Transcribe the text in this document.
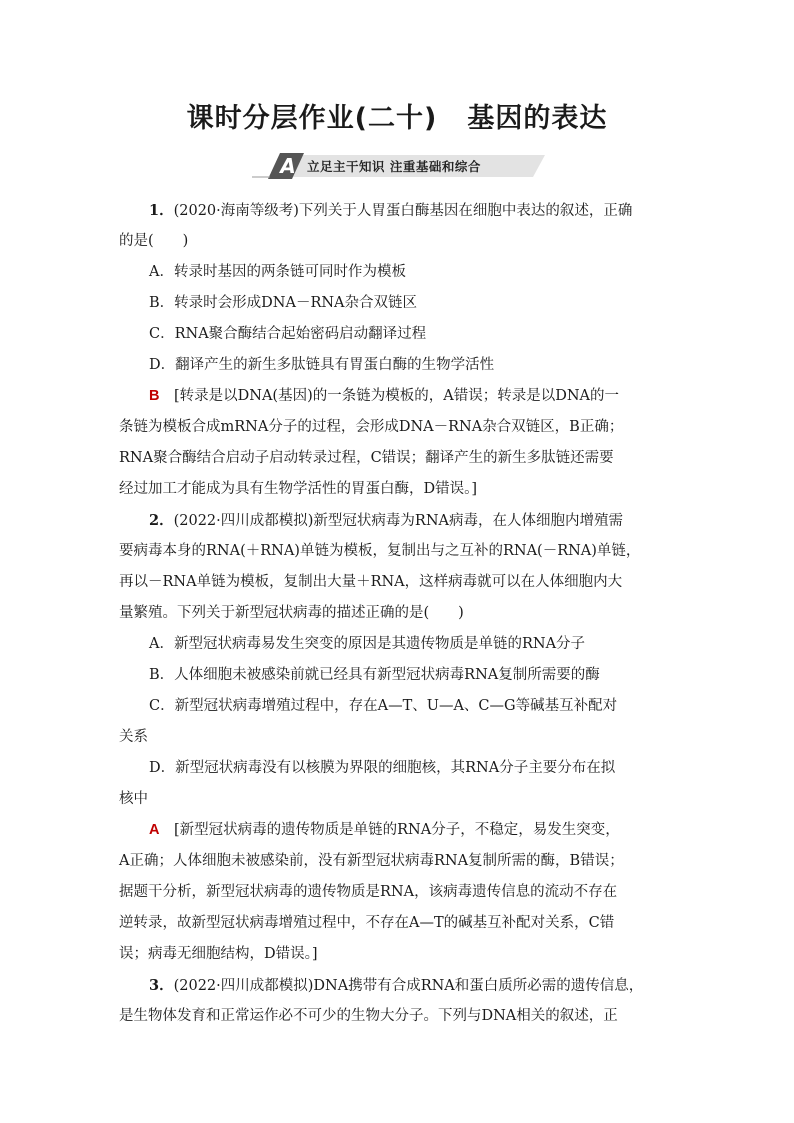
课时分层作业(二十) 基因的表达
A 立足主干知识 注重基础和综合
1．(2020·海南等级考)下列关于人胃蛋白酶基因在细胞中表达的叙述，正确
的是(　　)
A．转录时基因的两条链可同时作为模板
B．转录时会形成DNA－RNA杂合双链区
C．RNA聚合酶结合起始密码启动翻译过程
D．翻译产生的新生多肽链具有胃蛋白酶的生物学活性
B　 [转录是以DNA(基因)的一条链为模板的，A错误；转录是以DNA的一
条链为模板合成mRNA分子的过程，会形成DNA－RNA杂合双链区，B正确；
RNA聚合酶结合启动子启动转录过程，C错误；翻译产生的新生多肽链还需要
经过加工才能成为具有生物学活性的胃蛋白酶，D错误。]
2．(2022·四川成都模拟)新型冠状病毒为RNA病毒，在人体细胞内增殖需
要病毒本身的RNA(＋RNA)单链为模板，复制出与之互补的RNA(－RNA)单链，
再以－RNA单链为模板，复制出大量＋RNA，这样病毒就可以在人体细胞内大
量繁殖。下列关于新型冠状病毒的描述正确的是(　　)
A．新型冠状病毒易发生突变的原因是其遗传物质是单链的RNA分子
B．人体细胞未被感染前就已经具有新型冠状病毒RNA复制所需要的酶
C．新型冠状病毒增殖过程中，存在A—T、U—A、C—G等碱基互补配对
关系
D．新型冠状病毒没有以核膜为界限的细胞核，其RNA分子主要分布在拟
核中
A　 [新型冠状病毒的遗传物质是单链的RNA分子，不稳定，易发生突变，
A正确；人体细胞未被感染前，没有新型冠状病毒RNA复制所需的酶，B错误；
据题干分析，新型冠状病毒的遗传物质是RNA，该病毒遗传信息的流动不存在
逆转录，故新型冠状病毒增殖过程中，不存在A—T的碱基互补配对关系，C错
误；病毒无细胞结构，D错误。]
3．(2022·四川成都模拟)DNA携带有合成RNA和蛋白质所必需的遗传信息，
是生物体发育和正常运作必不可少的生物大分子。下列与DNA相关的叙述，正
